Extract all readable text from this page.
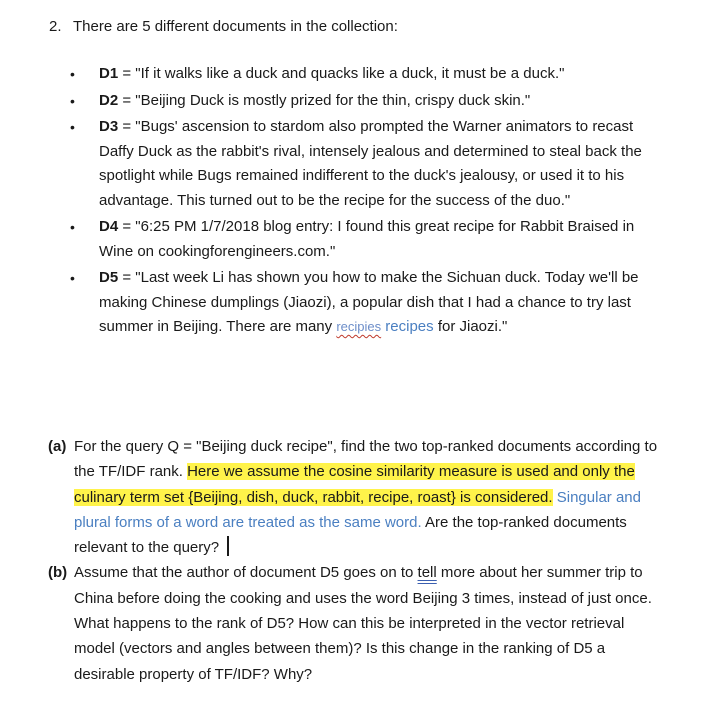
2. There are 5 different documents in the collection:
• D1 = "If it walks like a duck and quacks like a duck, it must be a duck."
• D2 = "Beijing Duck is mostly prized for the thin, crispy duck skin."
• D3 = "Bugs' ascension to stardom also prompted the Warner animators to recast Daffy Duck as the rabbit's rival, intensely jealous and determined to steal back the spotlight while Bugs remained indifferent to the duck's jealousy, or used it to his advantage. This turned out to be the recipe for the success of the duo."
• D4 = "6:25 PM 1/7/2018 blog entry: I found this great recipe for Rabbit Braised in Wine on cookingforengineers.com."
• D5 = "Last week Li has shown you how to make the Sichuan duck. Today we'll be making Chinese dumplings (Jiaozi), a popular dish that I had a chance to try last summer in Beijing. There are many recipies recipes for Jiaozi."
(a) For the query Q = "Beijing duck recipe", find the two top-ranked documents according to the TF/IDF rank. Here we assume the cosine similarity measure is used and only the culinary term set {Beijing, dish, duck, rabbit, recipe, roast} is considered. Singular and plural forms of a word are treated as the same word. Are the top-ranked documents relevant to the query?
(b) Assume that the author of document D5 goes on to tell more about her summer trip to China before doing the cooking and uses the word Beijing 3 times, instead of just once. What happens to the rank of D5? How can this be interpreted in the vector retrieval model (vectors and angles between them)? Is this change in the ranking of D5 a desirable property of TF/IDF? Why?
